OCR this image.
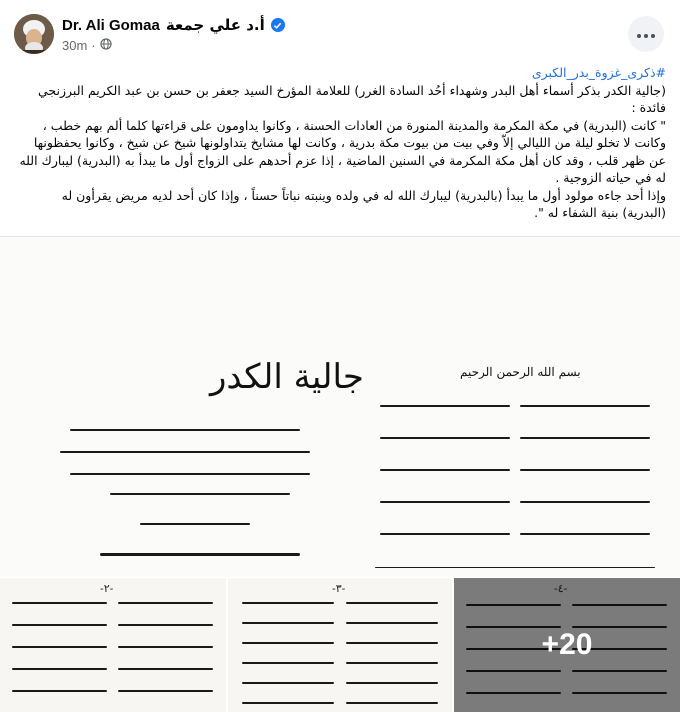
Dr. Ali Gomaa أ.د علي جمعة
30m ·
#ذكرى_غزوة_بدر_الكبرى

(جالية الكدر بذكر أسماء أهل البدر وشهداء أحُد السادة الغرر) للعلامة المؤرخ السيد جعفر بن حسن بن عبد الكريم البرزنجي

فائدة :

" كانت (البدرية) في مكة المكرمة والمدينة المنورة من العادات الحسنة ، وكانوا يداومون على قراءتها كلما ألم بهم خطب ، وكانت لا تخلو ليلة من الليالي إلاّ وفي بيت من بيوت مكة بدرية ، وكانت لها مشايخ يتداولونها شيخ عن شيخ ، وكانوا يحفظونها عن ظهر قلب ، وقد كان أهل مكة المكرمة في السنين الماضية ، إذا عزم أحدهم على الزواج أول ما يبدأ به (البدرية) ليبارك الله له في حياته الزوجية .

وإذا أحد جاءه مولود أول ما يبدأ (بالبدرية) ليبارك الله له في ولده وينبته نباتاً حسناً ، وإذا كان أحد لديه مريض يقرأون له (البدرية) بنية الشفاء له ".

جالية الكدر	بسم الله الرحمن الرحيم
-٢-	-٣-	-٤-
+20
